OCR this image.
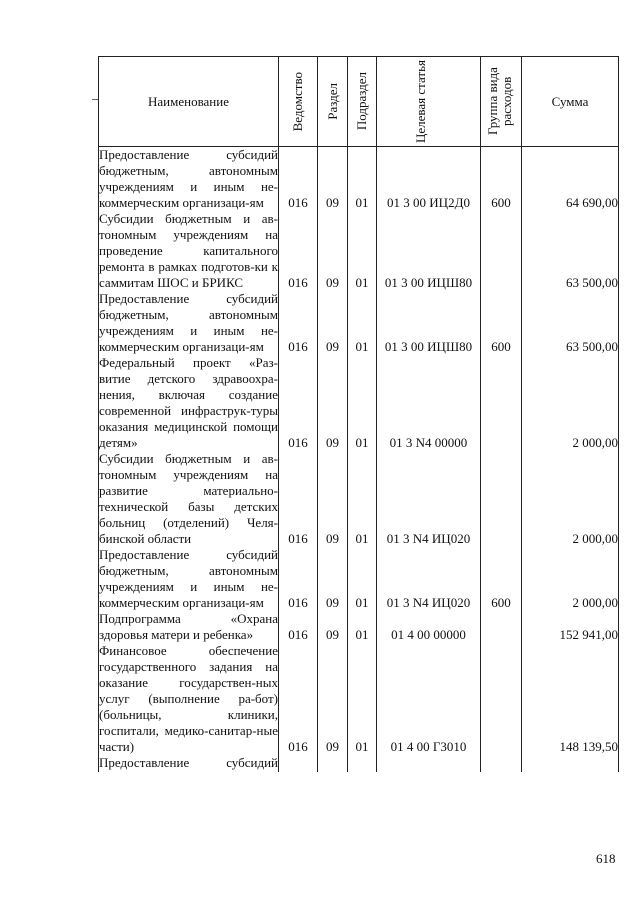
Наименование	Ведомство	Раздел	Подраздел	Целевая статья	Группа вида расходов	Сумма
Предоставление субсидий бюджетным, автономным учреждениям и иным не-коммерческим организаци-ям	016	09	01	01 3 00 ИЦ2Д0	600	64 690,00
Субсидии бюджетным и ав-тономным учреждениям на проведение капитального ремонта в рамках подготов-ки к саммитам ШОС и БРИКС	016	09	01	01 3 00 ИЦШ80		63 500,00
Предоставление субсидий бюджетным, автономным учреждениям и иным не-коммерческим организаци-ям	016	09	01	01 3 00 ИЦШ80	600	63 500,00
Федеральный проект «Раз-витие детского здравоохра-нения, включая создание современной инфраструк-туры оказания медицинской помощи детям»	016	09	01	01 3 N4 00000		2 000,00
Субсидии бюджетным и ав-тономным учреждениям на развитие материально-технической базы детских больниц (отделений) Челя-бинской области	016	09	01	01 3 N4 ИЦ020		2 000,00
Предоставление субсидий бюджетным, автономным учреждениям и иным не-коммерческим организаци-ям	016	09	01	01 3 N4 ИЦ020	600	2 000,00
Подпрограмма «Охрана здоровья матери и ребенка»	016	09	01	01 4 00 00000		152 941,00
Финансовое обеспечение государственного задания на оказание государствен-ных услуг (выполнение ра-бот) (больницы, клиники, госпитали, медико-санитар-ные части)	016	09	01	01 4 00 Г3010		148 139,50
Предоставление субсидий						
618
